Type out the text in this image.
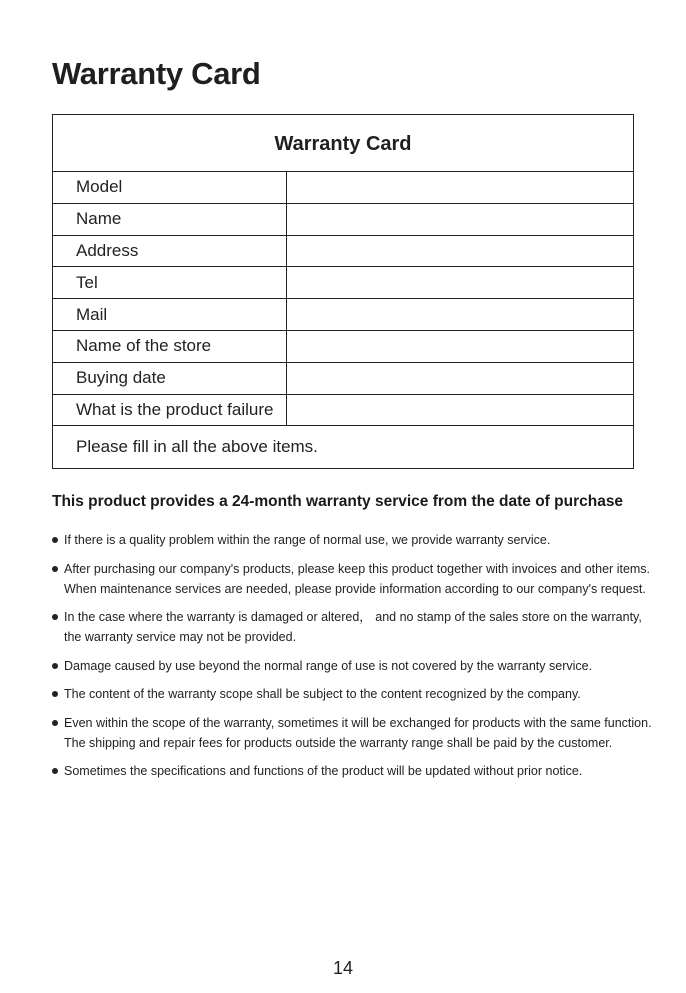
Warranty Card
Warranty Card
Model
Name
Address
Tel
Mail
Name of the store
Buying date
What is the product failure
Please fill in all the above items.
This product provides a 24-month warranty service from the date of purchase
If there is a quality problem within the range of normal use, we provide warranty service.
After purchasing our company's products, please keep this product together with invoices and other items. When maintenance services are needed, please provide information according to our company's request.
In the case where the warranty is damaged or altered， and no stamp of the sales store on the warranty, the warranty service may not be provided.
Damage caused by use beyond the normal range of use is not covered by the warranty service.
The content of the warranty scope shall be subject to the content recognized by the company.
Even within the scope of the warranty, sometimes it will be exchanged for products with the same function. The shipping and repair fees for products outside the warranty range shall be paid by the customer.
Sometimes the specifications and functions of the product will be updated without prior notice.
14
